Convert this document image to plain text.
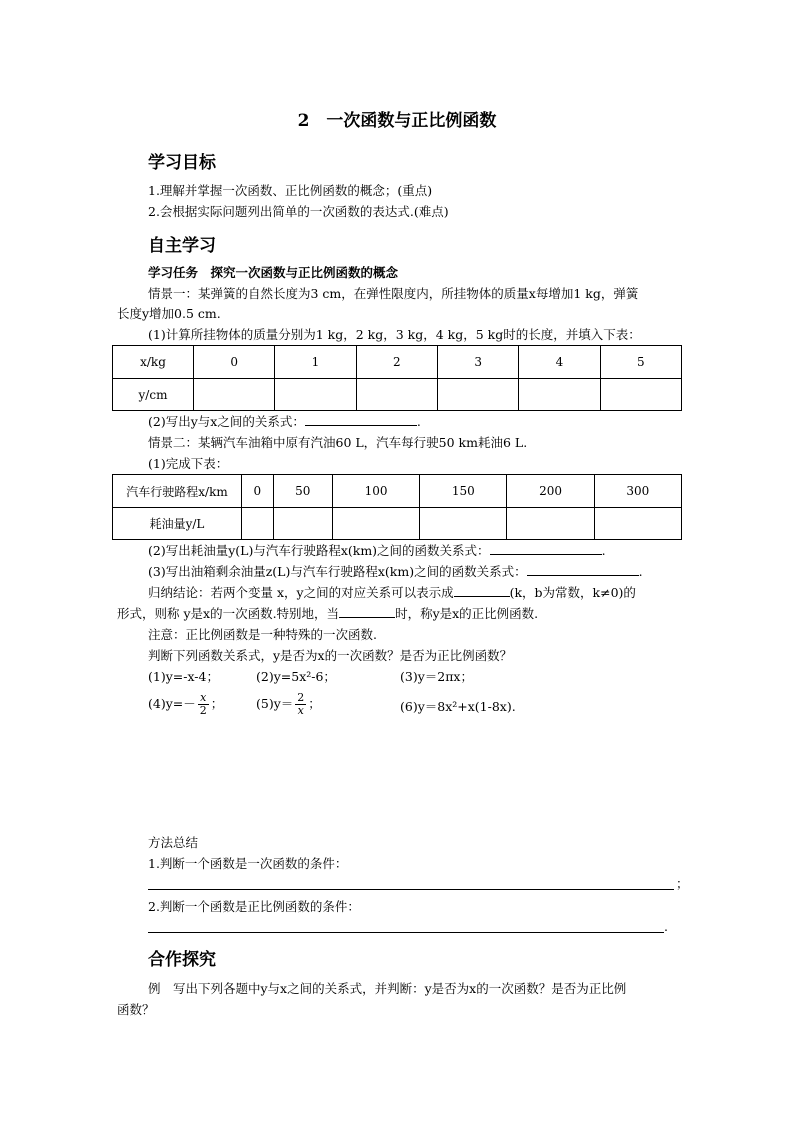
2　一次函数与正比例函数
学习目标
1.理解并掌握一次函数、正比例函数的概念；(重点)
2.会根据实际问题列出简单的一次函数的表达式.(难点)
自主学习
学习任务　探究一次函数与正比例函数的概念
情景一：某弹簧的自然长度为3 cm，在弹性限度内，所挂物体的质量x每增加1 kg，弹簧
长度y增加0.5 cm.
(1)计算所挂物体的质量分别为1 kg，2 kg，3 kg，4 kg，5 kg时的长度，并填入下表：
x/kg	0	1	2	3	4	5
y/cm						
(2)写出y与x之间的关系式：	.
情景二：某辆汽车油箱中原有汽油60 L，汽车每行驶50 km耗油6 L.
(1)完成下表：
汽车行驶路程x/km	0	50	100	150	200	300
耗油量y/L						
(2)写出耗油量y(L)与汽车行驶路程x(km)之间的函数关系式：	.
(3)写出油箱剩余油量z(L)与汽车行驶路程x(km)之间的函数关系式：	.
归纳结论：若两个变量 x，y之间的对应关系可以表示成	(k，b为常数，k≠0)的
形式，则称 y是x的一次函数.特别地，当	时，称y是x的正比例函数.
注意：正比例函数是一种特殊的一次函数.
判断下列函数关系式，y是否为x的一次函数？是否为正比例函数？
(1)y=-x-4；	(2)y=5x²-6；	(3)y＝2πx；
$(4)y=- \frac{x}{2}$ ；	$(5)y= \frac{2}{x}$ ；	(6)y＝8x²+x(1-8x).
方法总结
1.判断一个函数是一次函数的条件：
；
2.判断一个函数是正比例函数的条件：
.
合作探究
例　写出下列各题中y与x之间的关系式，并判断：y是否为x的一次函数？是否为正比例
函数？
